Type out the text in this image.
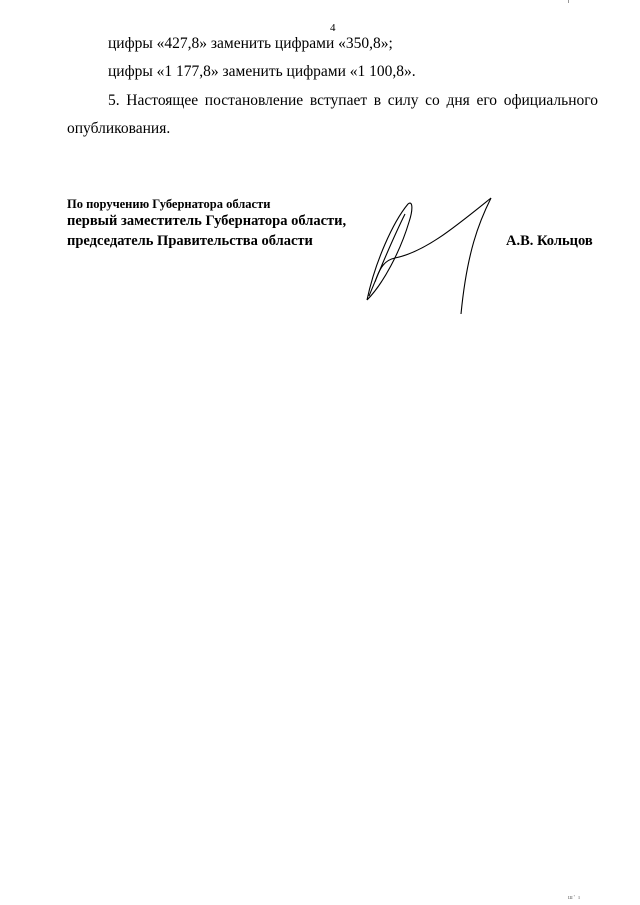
4
цифры «427,8» заменить цифрами «350,8»;
цифры «1 177,8» заменить цифрами «1 100,8».
5. Настоящее постановление вступает в силу со дня его официального
опубликования.
По поручению Губернатора области
первый заместитель Губернатора области,
председатель Правительства области	А.В. Кольцов
ш' ı
